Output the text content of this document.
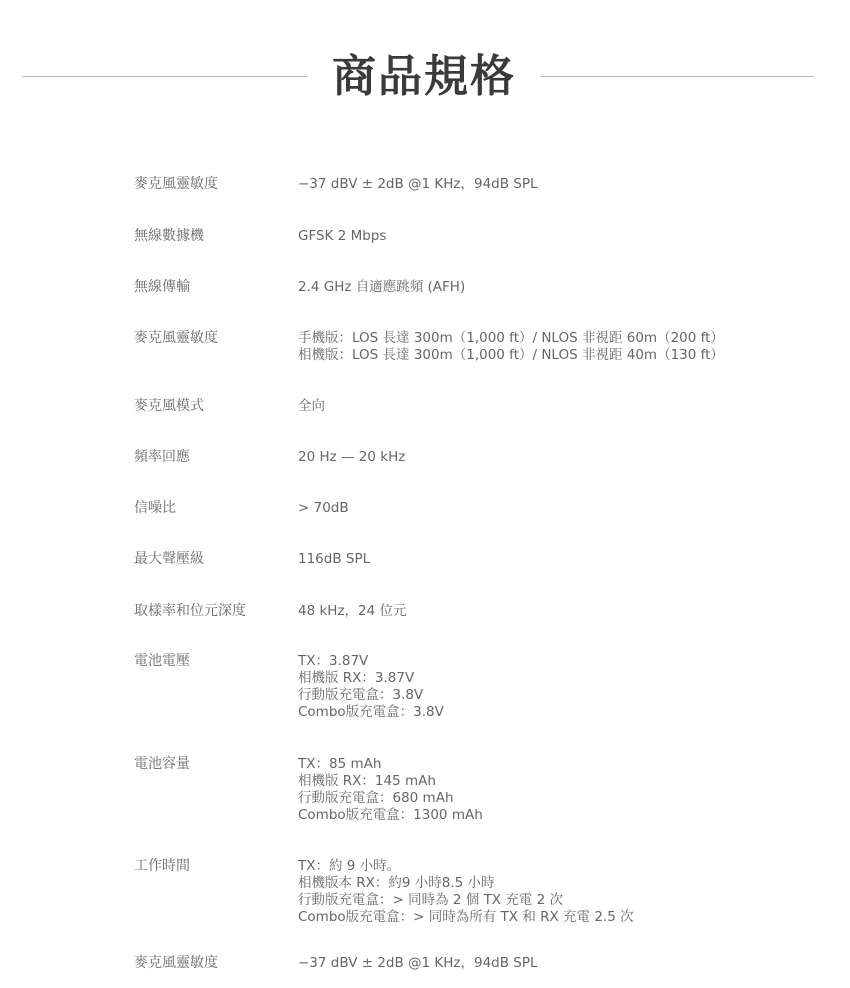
商品規格
麥克風靈敏度	−37 dBV ± 2dB @1 KHz，94dB SPL
無線數據機	GFSK 2 Mbps
無線傳輸	2.4 GHz 自適應跳頻 (AFH)
麥克風靈敏度	手機版：LOS 長達 300m（1,000 ft）/ NLOS 非視距 60m（200 ft）
相機版：LOS 長達 300m（1,000 ft）/ NLOS 非視距 40m（130 ft）
麥克風模式	全向
頻率回應	20 Hz — 20 kHz
信噪比	> 70dB
最大聲壓級	116dB SPL
取樣率和位元深度	48 kHz，24 位元
電池電壓	TX：3.87V
相機版 RX：3.87V
行動版充電盒：3.8V
Combo版充電盒：3.8V
電池容量	TX：85 mAh
相機版 RX：145 mAh
行動版充電盒：680 mAh
Combo版充電盒：1300 mAh
工作時間	TX：約 9 小時。
相機版本 RX：約9 小時8.5 小時
行動版充電盒：> 同時為 2 個 TX 充電 2 次
Combo版充電盒：> 同時為所有 TX 和 RX 充電 2.5 次
麥克風靈敏度	−37 dBV ± 2dB @1 KHz，94dB SPL
